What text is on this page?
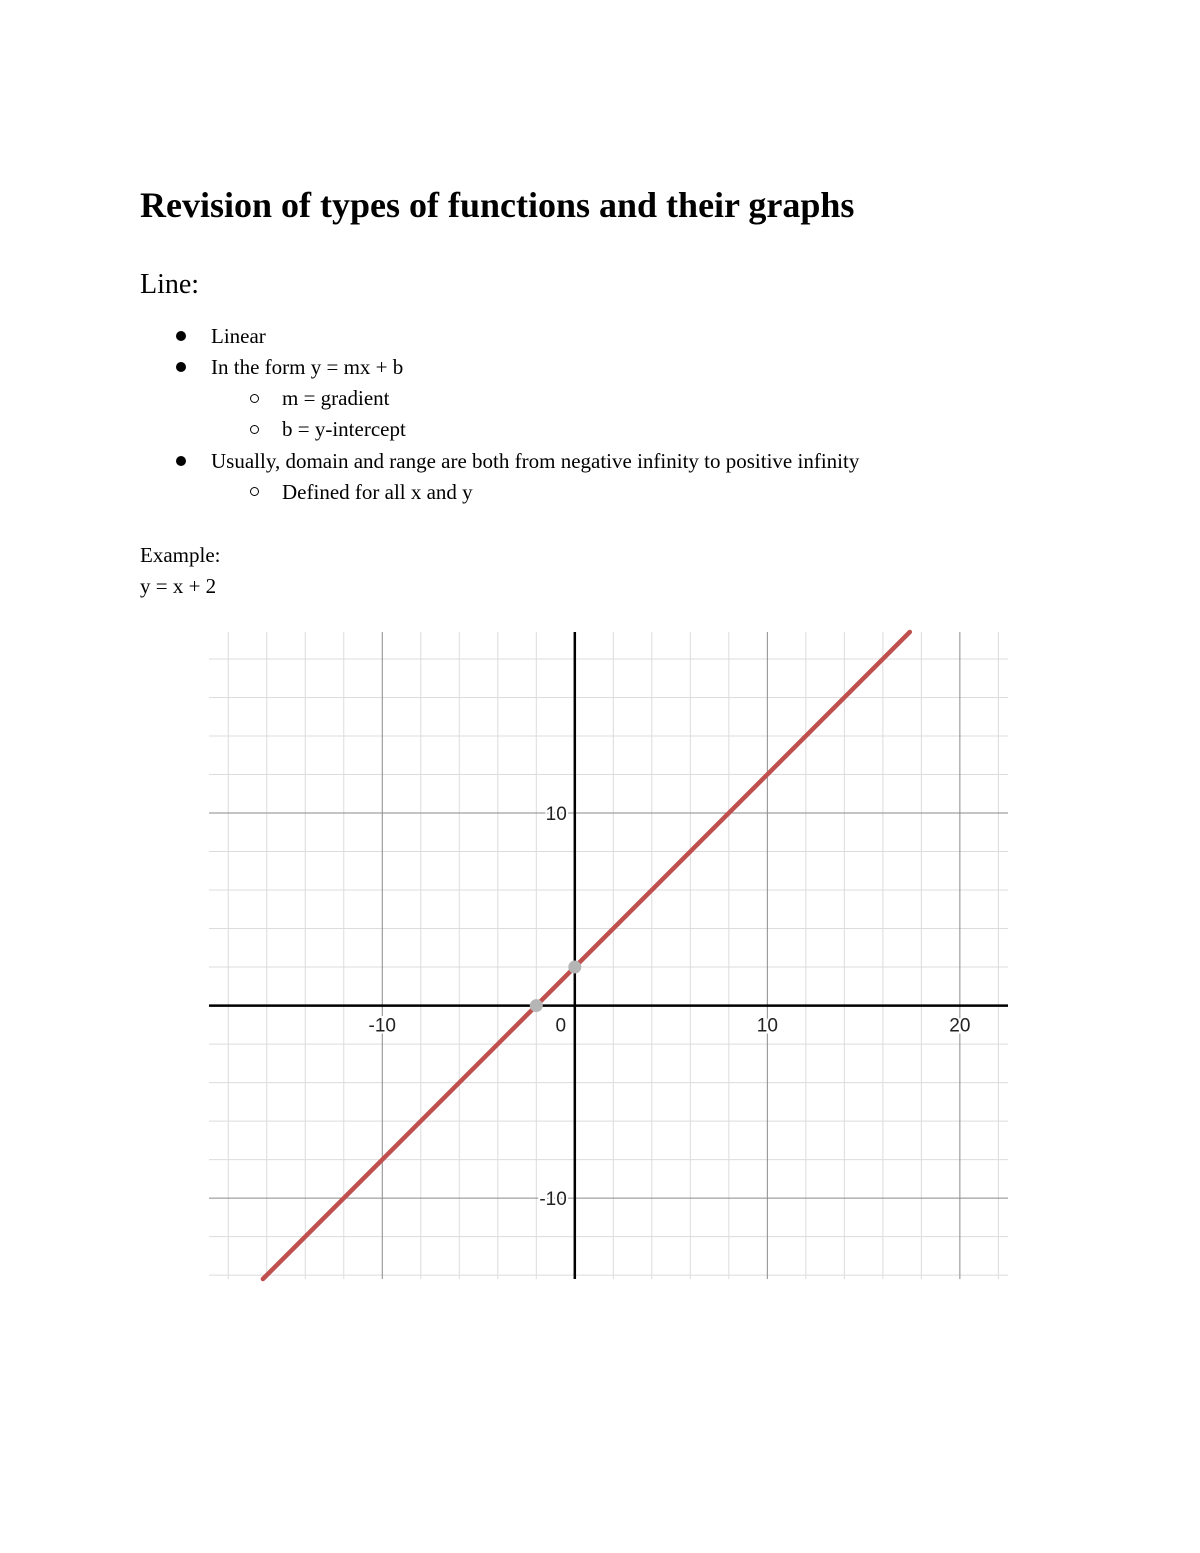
Revision of types of functions and their graphs
Line:
Linear
In the form y = mx + b
m = gradient
b = y-intercept
Usually, domain and range are both from negative infinity to positive infinity
Defined for all x and y
Example:
y = x + 2
-10	0	10	20
10
-10
